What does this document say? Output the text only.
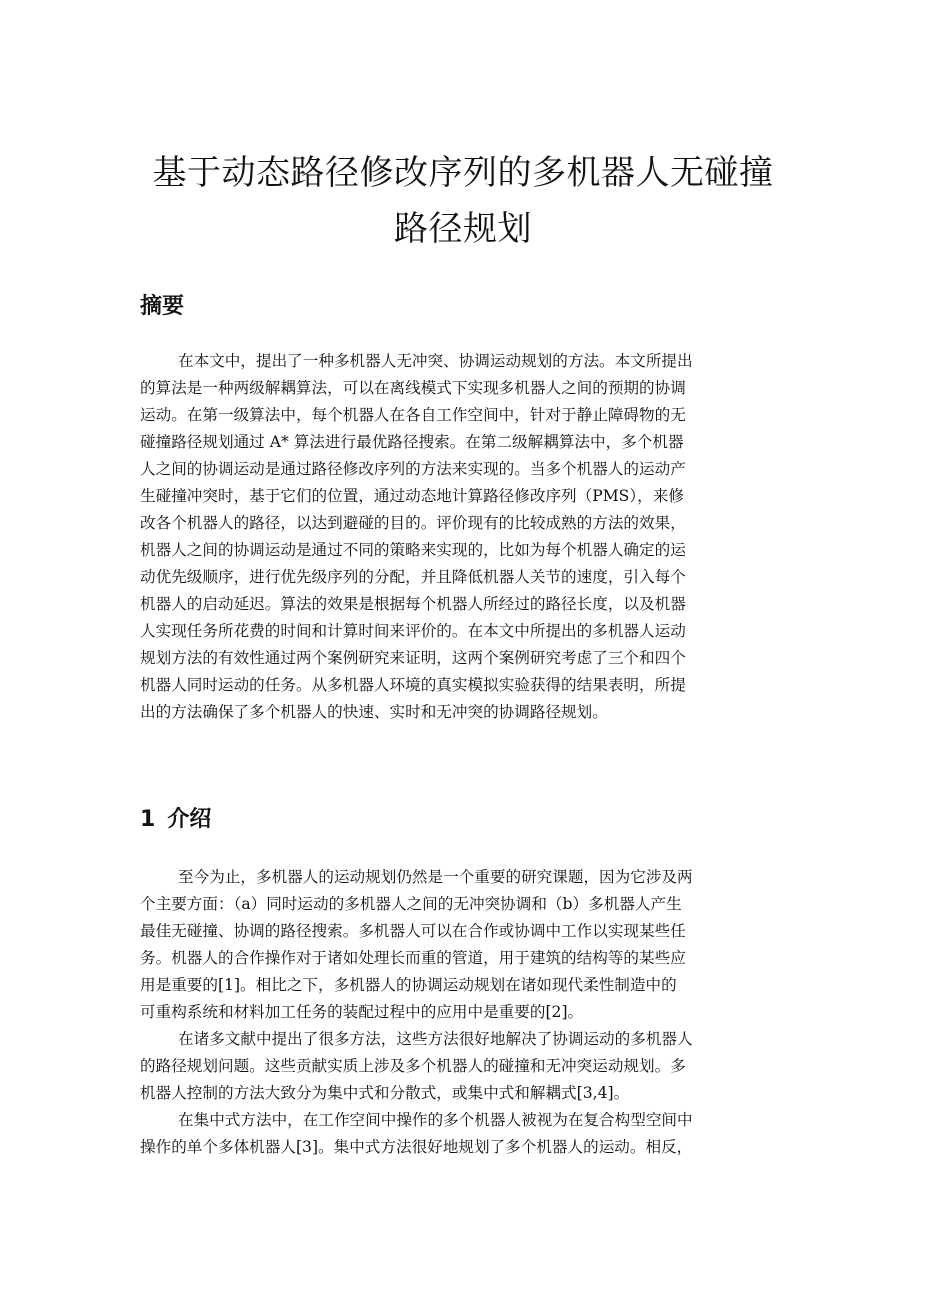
基于动态路径修改序列的多机器人无碰撞
路径规划
摘要
在本文中，提出了一种多机器人无冲突、协调运动规划的方法。本文所提出
的算法是一种两级解耦算法，可以在离线模式下实现多机器人之间的预期的协调
运动。在第一级算法中，每个机器人在各自工作空间中，针对于静止障碍物的无
碰撞路径规划通过 A* 算法进行最优路径搜索。在第二级解耦算法中，多个机器
人之间的协调运动是通过路径修改序列的方法来实现的。当多个机器人的运动产
生碰撞冲突时，基于它们的位置，通过动态地计算路径修改序列（PMS），来修
改各个机器人的路径，以达到避碰的目的。评价现有的比较成熟的方法的效果，
机器人之间的协调运动是通过不同的策略来实现的，比如为每个机器人确定的运
动优先级顺序，进行优先级序列的分配，并且降低机器人关节的速度，引入每个
机器人的启动延迟。算法的效果是根据每个机器人所经过的路径长度，以及机器
人实现任务所花费的时间和计算时间来评价的。在本文中所提出的多机器人运动
规划方法的有效性通过两个案例研究来证明，这两个案例研究考虑了三个和四个
机器人同时运动的任务。从多机器人环境的真实模拟实验获得的结果表明，所提
出的方法确保了多个机器人的快速、实时和无冲突的协调路径规划。
1 介绍
至今为止，多机器人的运动规划仍然是一个重要的研究课题，因为它涉及两
个主要方面：（a）同时运动的多机器人之间的无冲突协调和（b）多机器人产生
最佳无碰撞、协调的路径搜索。多机器人可以在合作或协调中工作以实现某些任
务。机器人的合作操作对于诸如处理长而重的管道，用于建筑的结构等的某些应
用是重要的[1]。相比之下，多机器人的协调运动规划在诸如现代柔性制造中的
可重构系统和材料加工任务的装配过程中的应用中是重要的[2]。
在诸多文献中提出了很多方法，这些方法很好地解决了协调运动的多机器人
的路径规划问题。这些贡献实质上涉及多个机器人的碰撞和无冲突运动规划。多
机器人控制的方法大致分为集中式和分散式，或集中式和解耦式[3,4]。
在集中式方法中，在工作空间中操作的多个机器人被视为在复合构型空间中
操作的单个多体机器人[3]。集中式方法很好地规划了多个机器人的运动。相反，
